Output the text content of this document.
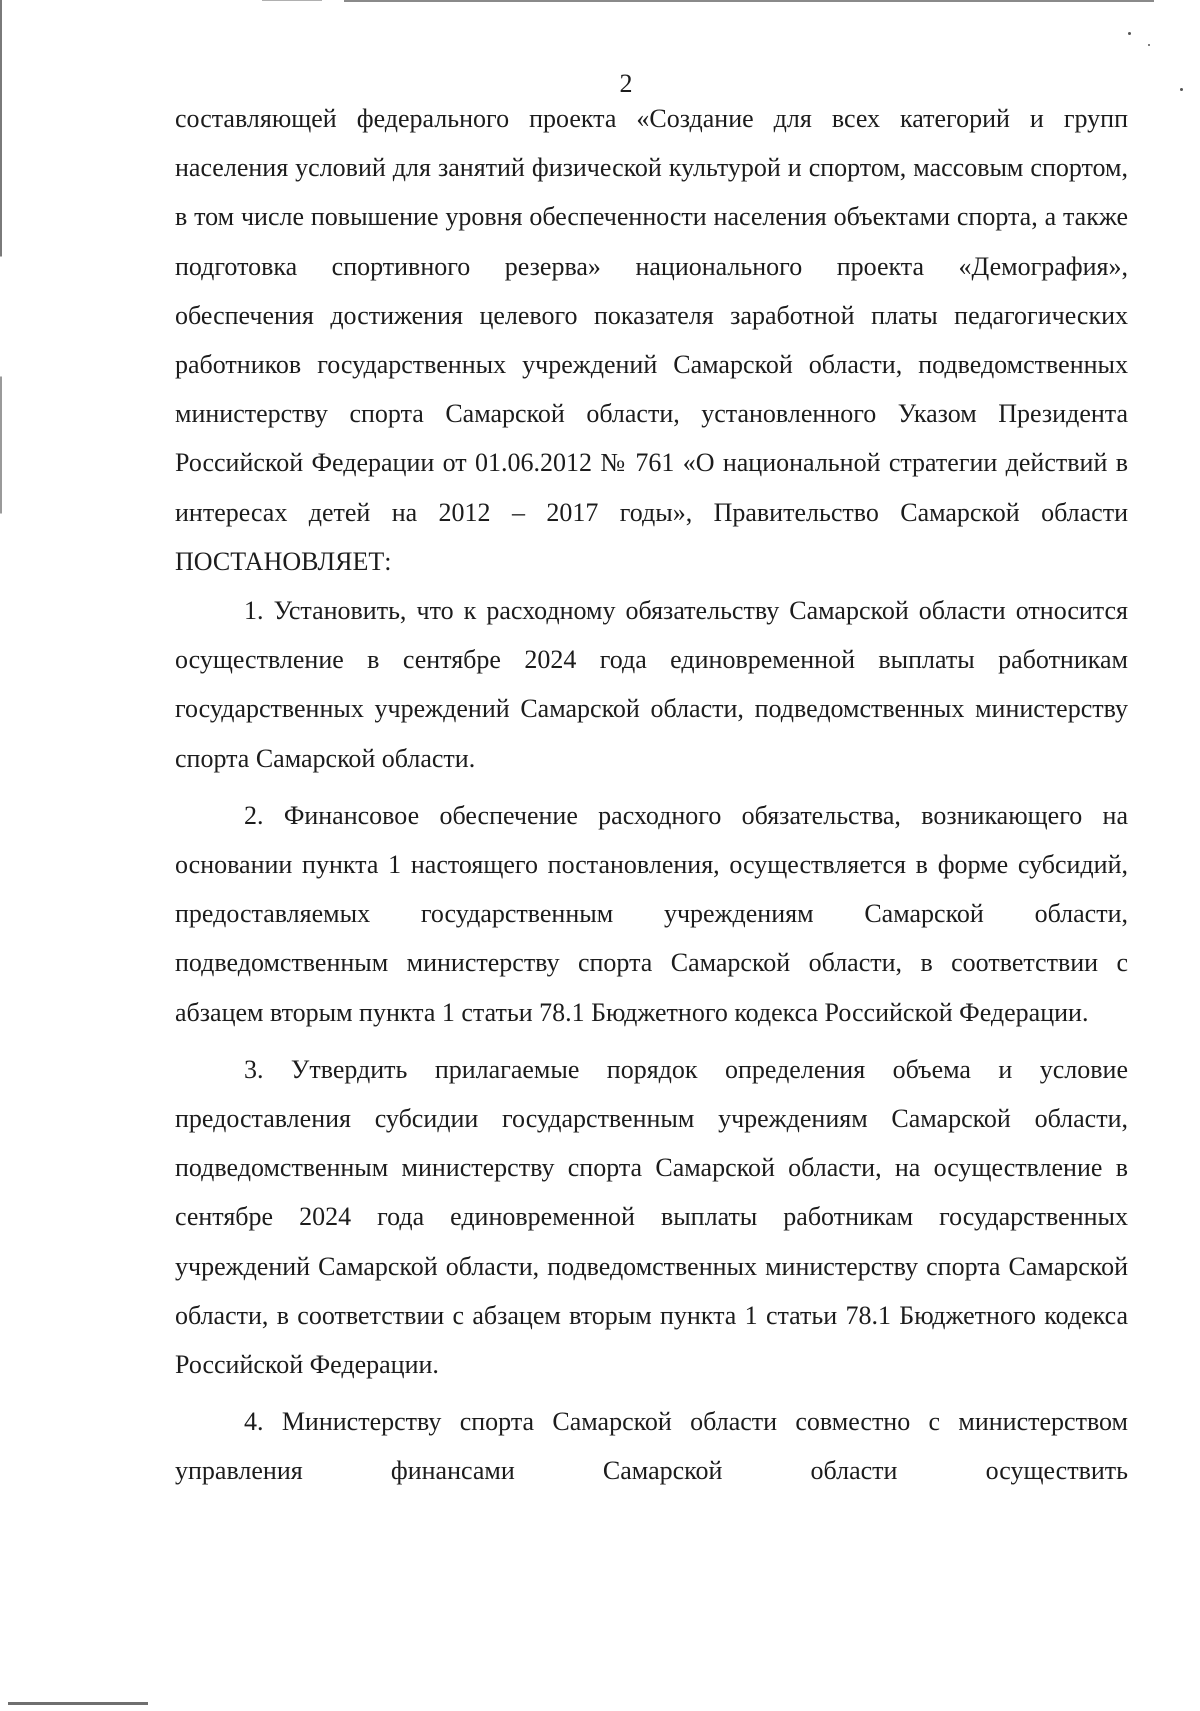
2

составляющей федерального проекта «Создание для всех категорий и групп населения условий для занятий физической культурой и спортом, массовым спортом, в том числе повышение уровня обеспеченности населения объектами спорта, а также подготовка спортивного резерва» национального проекта «Демография», обеспечения достижения целевого показателя заработной платы педагогических работников государственных учреждений Самарской области, подведомственных министерству спорта Самарской области, установленного Указом Президента Российской Федерации от 01.06.2012 № 761 «О национальной стратегии действий в интересах детей на 2012 – 2017 годы», Правительство Самарской области ПОСТАНОВЛЯЕТ:

1. Установить, что к расходному обязательству Самарской области относится осуществление в сентябре 2024 года единовременной выплаты работникам государственных учреждений Самарской области, подведомственных министерству спорта Самарской области.

2. Финансовое обеспечение расходного обязательства, возникающего на основании пункта 1 настоящего постановления, осуществляется в форме субсидий, предоставляемых государственным учреждениям Самарской области, подведомственным министерству спорта Самарской области, в соответствии с абзацем вторым пункта 1 статьи 78.1 Бюджетного кодекса Российской Федерации.

3. Утвердить прилагаемые порядок определения объема и условие предоставления субсидии государственным учреждениям Самарской области, подведомственным министерству спорта Самарской области, на осуществление в сентябре 2024 года единовременной выплаты работникам государственных учреждений Самарской области, подведомственных министерству спорта Самарской области, в соответствии с абзацем вторым пункта 1 статьи 78.1 Бюджетного кодекса Российской Федерации.

4. Министерству спорта Самарской области совместно с министерством управления финансами Самарской области осуществить
